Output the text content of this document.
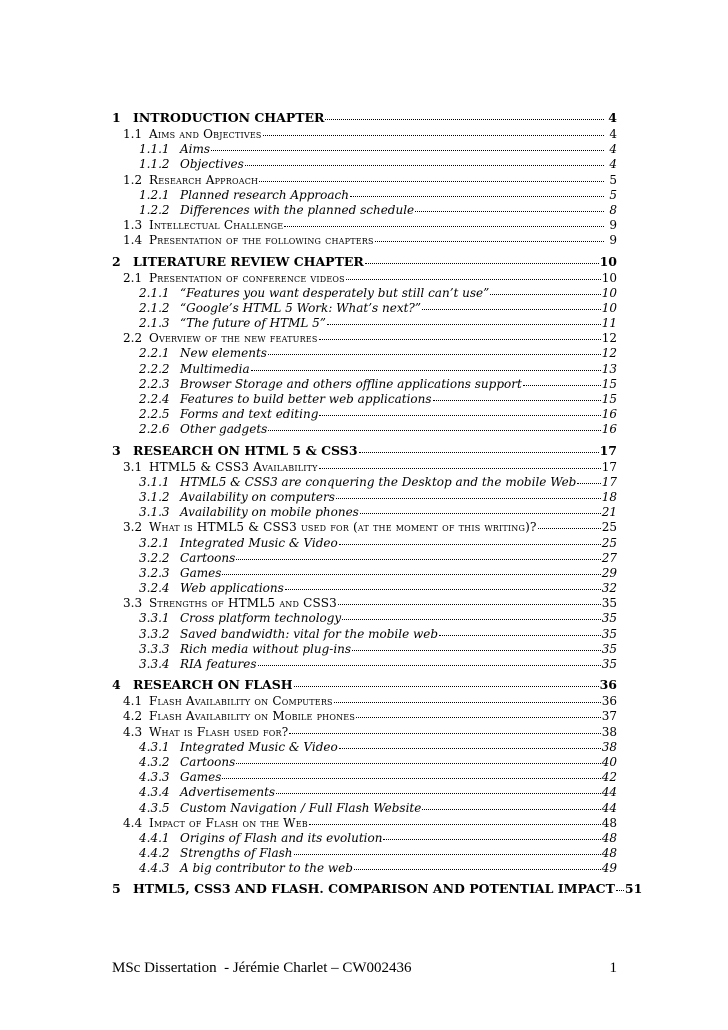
1 INTRODUCTION CHAPTER	4
1.1 Aims and Objectives	4
1.1.1 Aims	4
1.1.2 Objectives	4
1.2 Research Approach	5
1.2.1 Planned research Approach	5
1.2.2 Differences with the planned schedule	8
1.3 Intellectual Challenge	9
1.4 Presentation of the following chapters	9
2 LITERATURE REVIEW CHAPTER	10
2.1 Presentation of conference videos	10
2.1.1 “Features you want desperately but still can’t use”	10
2.1.2 “Google’s HTML 5 Work: What’s next?”	10
2.1.3 “The future of HTML 5”	11
2.2 Overview of the new features	12
2.2.1 New elements	12
2.2.2 Multimedia	13
2.2.3 Browser Storage and others offline applications support	15
2.2.4 Features to build better web applications	15
2.2.5 Forms and text editing	16
2.2.6 Other gadgets	16
3 RESEARCH ON HTML 5 & CSS3	17
3.1 HTML5 & CSS3 Availability	17
3.1.1 HTML5 & CSS3 are conquering the Desktop and the mobile Web 17
3.1.2 Availability on computers	18
3.1.3 Availability on mobile phones	21
3.2 What is HTML5 & CSS3 used for (at the moment of this writing)?	25
3.2.1 Integrated Music & Video	25
3.2.2 Cartoons	27
3.2.3 Games	29
3.2.4 Web applications	32
3.3 Strengths of HTML5 and CSS3	35
3.3.1 Cross platform technology	35
3.3.2 Saved bandwidth: vital for the mobile web	35
3.3.3 Rich media without plug-ins	35
3.3.4 RIA features	35
4 RESEARCH ON FLASH	36
4.1 Flash Availability on Computers	36
4.2 Flash Availability on Mobile phones	37
4.3 What is Flash used for?	38
4.3.1 Integrated Music & Video	38
4.3.2 Cartoons	40
4.3.3 Games	42
4.3.4 Advertisements	44
4.3.5 Custom Navigation / Full Flash Website	44
4.4 Impact of Flash on the Web	48
4.4.1 Origins of Flash and its evolution	48
4.4.2 Strengths of Flash	48
4.4.3 A big contributor to the web	49
5 HTML5, CSS3 AND FLASH. COMPARISON AND POTENTIAL IMPACT 51
MSc Dissertation  - Jérémie Charlet – CW002436	1
